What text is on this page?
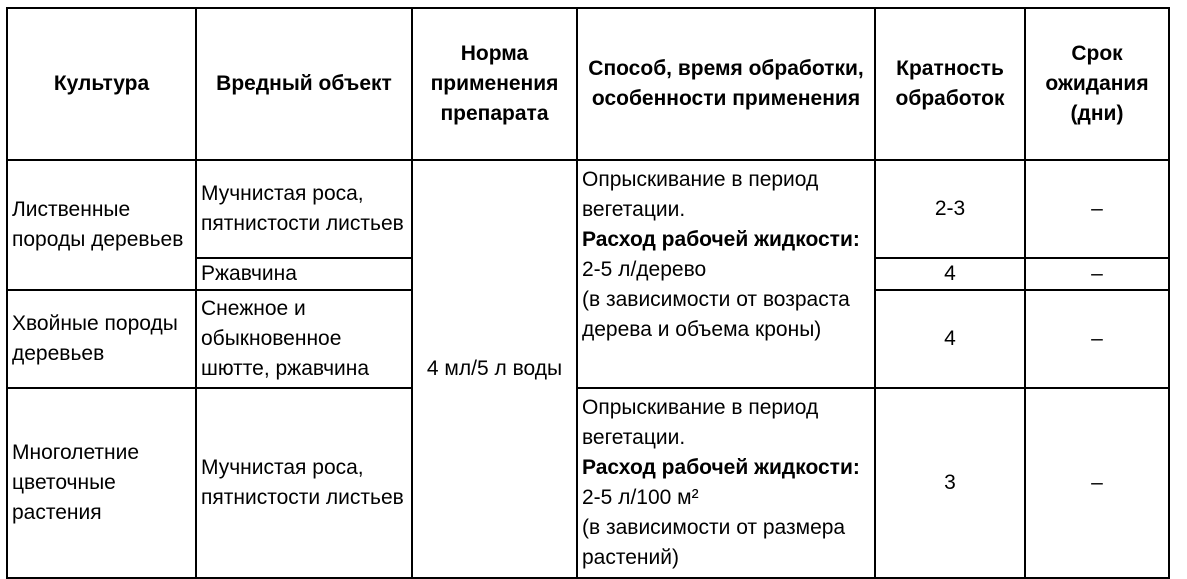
Культура	Вредный объект	Норма применения препарата	Способ, время обработки, особенности применения	Кратность обработок	Срок ожидания (дни)
Лиственные породы деревьев	Мучнистая роса, пятнистости листьев	4 мл/5 л воды	Опрыскивание в период вегетации.
Расход рабочей жидкости: 2-5 л/дерево
(в зависимости от возраста дерева и объема кроны)	2-3	–
	Ржавчина			4	–
Хвойные породы деревьев	Снежное и обыкновенное шютте, ржавчина			4	–
Многолетние цветочные растения	Мучнистая роса, пятнистости листьев		Опрыскивание в период вегетации.
Расход рабочей жидкости: 2-5 л/100 м²
(в зависимости от размера растений)	3	–
